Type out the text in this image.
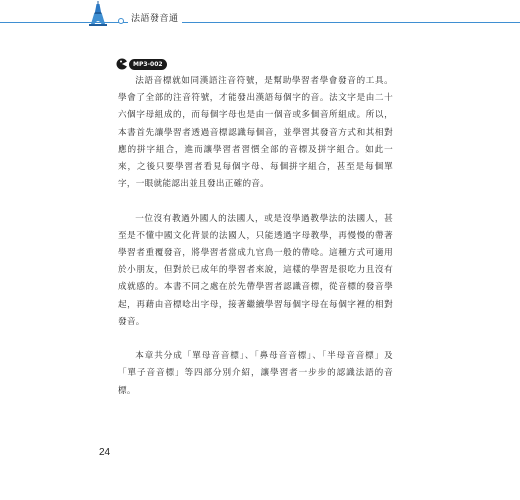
法語發音通
MP3-002

法語音標就如同漢語注音符號，是幫助學習者學會發音的工具。學會了全部的注音符號，才能發出漢語每個字的音。法文字是由二十六個字母組成的，而每個字母也是由一個音或多個音所組成。所以，本書首先讓學習者透過音標認識每個音，並學習其發音方式和其相對應的拼字組合，進而讓學習者習慣全部的音標及拼字組合。如此一來，之後只要學習者看見每個字母、每個拼字組合，甚至是每個單字，一眼就能認出並且發出正確的音。

一位沒有教過外國人的法國人，或是沒學過教學法的法國人，甚至是不懂中國文化背景的法國人，只能透過字母教學，再慢慢的帶著學習者重覆發音，將學習者當成九官鳥一般的帶唸。這種方式可適用於小朋友，但對於已成年的學習者來說，這樣的學習是很吃力且沒有成就感的。本書不同之處在於先帶學習者認識音標，從音標的發音學起，再藉由音標唸出字母，接著繼續學習每個字母在每個字裡的相對發音。

本章共分成「單母音音標」、「鼻母音音標」、「半母音音標」及「單子音音標」等四部分別介紹，讓學習者一步步的認識法語的音標。

24
